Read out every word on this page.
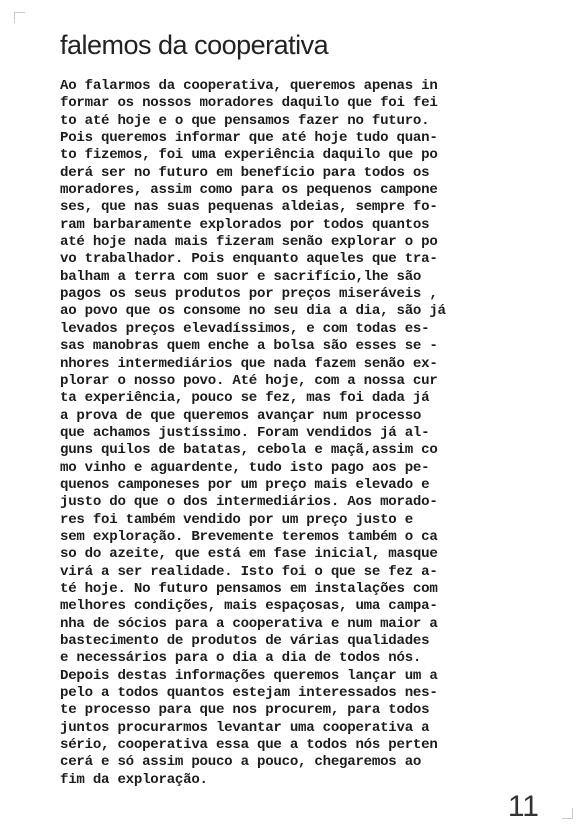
falemos da cooperativa
Ao falarmos da cooperativa, queremos apenas in
formar os nossos moradores daquilo que foi fei
to até hoje e o que pensamos fazer no futuro.
Pois queremos informar que até hoje tudo quan-
to fizemos, foi uma experiência daquilo que po
derá ser no futuro em benefício para todos os
moradores, assim como para os pequenos campone
ses, que nas suas pequenas aldeias, sempre fo-
ram barbaramente explorados por todos quantos
até hoje nada mais fizeram senão explorar o po
vo trabalhador. Pois enquanto aqueles que tra-
balham a terra com suor e sacrifício,lhe são
pagos os seus produtos por preços miseráveis ,
ao povo que os consome no seu dia a dia, são já
levados preços elevadíssimos, e com todas es-
sas manobras quem enche a bolsa são esses se -
nhores intermediários que nada fazem senão ex-
plorar o nosso povo. Até hoje, com a nossa cur
ta experiência, pouco se fez, mas foi dada já
a prova de que queremos avançar num processo
que achamos justíssimo. Foram vendidos já al-
guns quilos de batatas, cebola e maçã,assim co
mo vinho e aguardente, tudo isto pago aos pe-
quenos camponeses por um preço mais elevado e
justo do que o dos intermediários. Aos morado-
res foi também vendido por um preço justo e
sem exploração. Brevemente teremos também o ca
so do azeite, que está em fase inicial, masque
virá a ser realidade. Isto foi o que se fez a-
té hoje. No futuro pensamos em instalações com
melhores condições, mais espaçosas, uma campa-
nha de sócios para a cooperativa e num maior a
bastecimento de produtos de várias qualidades
e necessários para o dia a dia de todos nós.
Depois destas informações queremos lançar um a
pelo a todos quantos estejam interessados nes-
te processo para que nos procurem, para todos
juntos procurarmos levantar uma cooperativa a
sério, cooperativa essa que a todos nós perten
cerá e só assim pouco a pouco, chegaremos ao
fim da exploração.
11
